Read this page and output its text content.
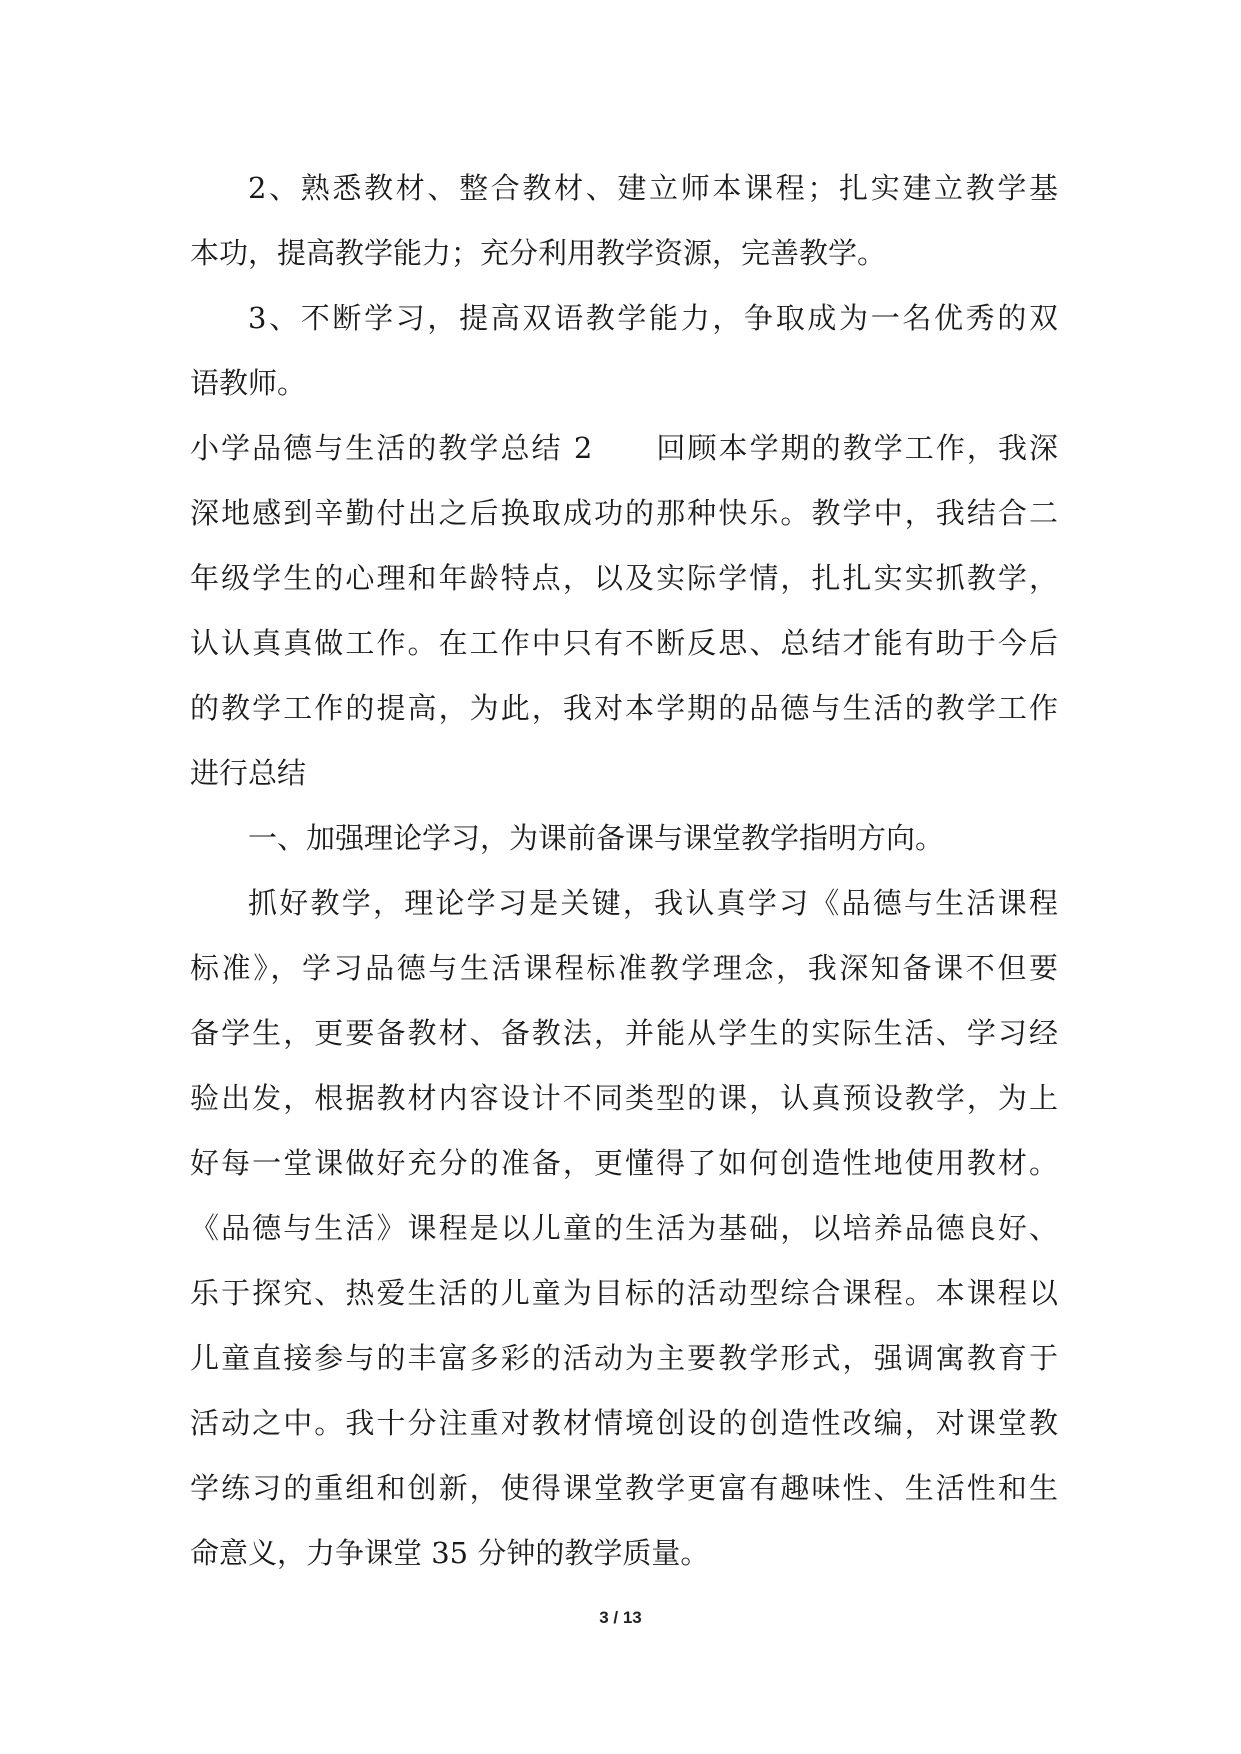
2、熟悉教材、整合教材、建立师本课程；扎实建立教学基
本功，提高教学能力；充分利用教学资源，完善教学。
3、不断学习，提高双语教学能力，争取成为一名优秀的双
语教师。
小学品德与生活的教学总结 2　　回顾本学期的教学工作，我深
深地感到辛勤付出之后换取成功的那种快乐。教学中，我结合二
年级学生的心理和年龄特点，以及实际学情，扎扎实实抓教学，
认认真真做工作。在工作中只有不断反思、总结才能有助于今后
的教学工作的提高，为此，我对本学期的品德与生活的教学工作
进行总结
一、加强理论学习，为课前备课与课堂教学指明方向。
抓好教学，理论学习是关键，我认真学习《品德与生活课程
标准》，学习品德与生活课程标准教学理念，我深知备课不但要
备学生，更要备教材、备教法，并能从学生的实际生活、学习经
验出发，根据教材内容设计不同类型的课，认真预设教学，为上
好每一堂课做好充分的准备，更懂得了如何创造性地使用教材。
《品德与生活》课程是以儿童的生活为基础，以培养品德良好、
乐于探究、热爱生活的儿童为目标的活动型综合课程。本课程以
儿童直接参与的丰富多彩的活动为主要教学形式，强调寓教育于
活动之中。我十分注重对教材情境创设的创造性改编，对课堂教
学练习的重组和创新，使得课堂教学更富有趣味性、生活性和生
命意义，力争课堂 35 分钟的教学质量。
3 / 13
